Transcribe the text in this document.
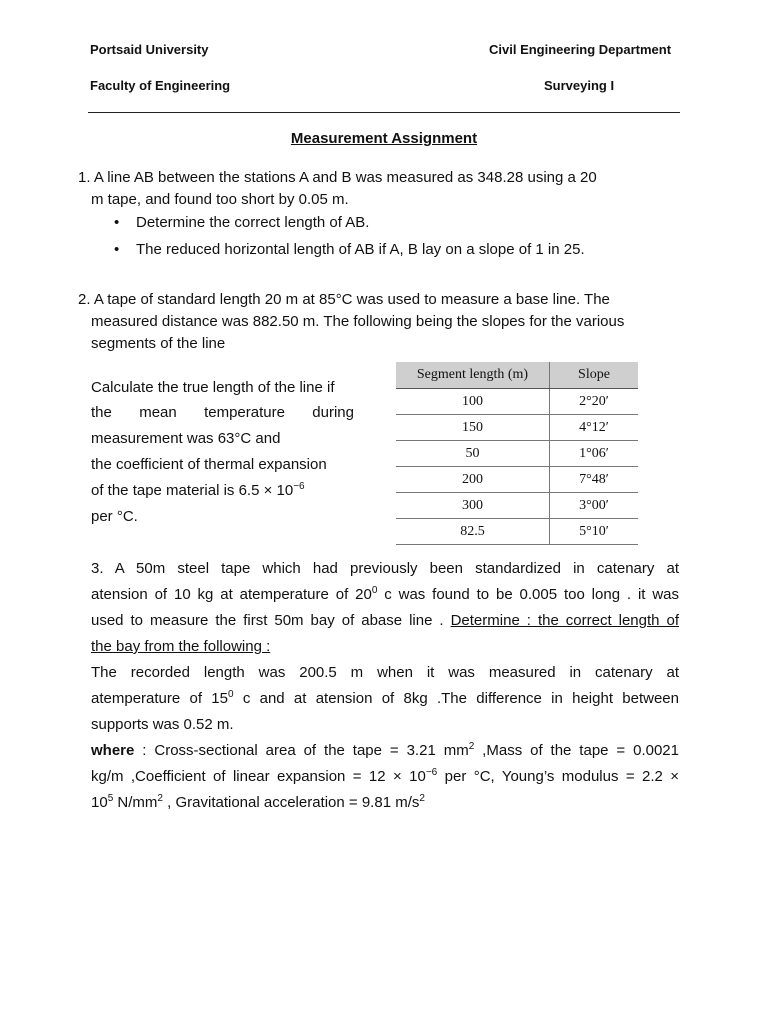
Portsaid University
Faculty of Engineering
Civil Engineering Department
Surveying I
Measurement Assignment
1. A line AB between the stations A and B was measured as 348.28 using a 20
m tape, and found too short by 0.05 m.
• Determine the correct length of AB.
• The reduced horizontal length of AB if A, B lay on a slope of 1 in 25.
2. A tape of standard length 20 m at 85°C was used to measure a base line. The
measured distance was 882.50 m. The following being the slopes for the various
segments of the line
Calculate the true length of the line if
the mean temperature during
measurement was 63°C and
the coefficient of thermal expansion
of the tape material is $6.5 \times 10^{-6}$
per °C.
Segment length (m)	Slope
100	2°20′
150	4°12′
50	1°06′
200	7°48′
300	3°00′
82.5	5°10′
3. A 50m steel tape which had previously been standardized in catenary at
atension of 10 kg at atemperature of $20^0$ c was found to be 0.005 too long . it was
used to measure the first 50m bay of abase line . Determine : the correct length of
the bay from the following :
The recorded length was 200.5 m when it was measured in catenary at
atemperature of $15^0$ c and at atension of 8kg .The difference in height between
supports was 0.52 m.
where : Cross-sectional area of the tape = 3.21 $mm^2$ ,Mass of the tape = 0.0021
kg/m ,Coefficient of linear expansion = $12 \times 10^{-6}$ per °C, Young’s modulus = 2.2 ×
$10^5$ $N/mm^2$ , Gravitational acceleration = 9.81 $m/s^2$
